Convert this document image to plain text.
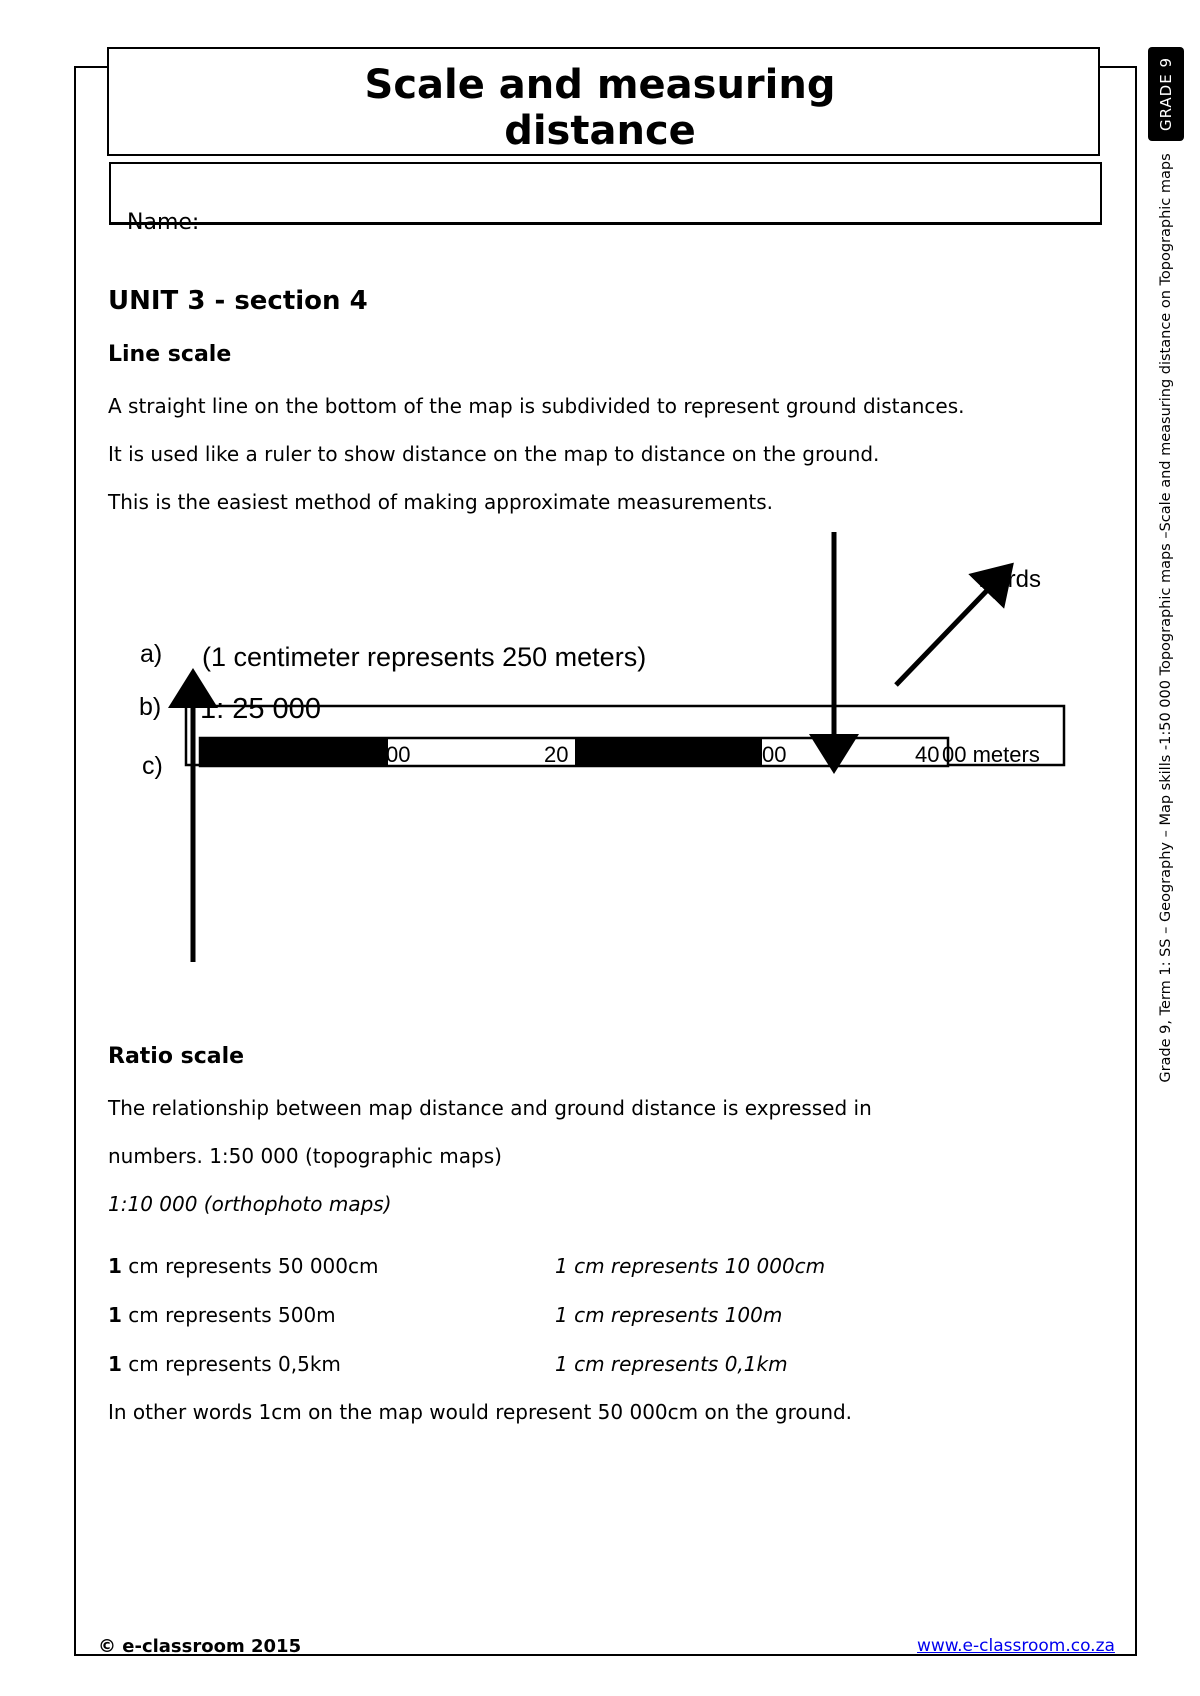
Scale and measuring
distance
Name:
UNIT 3 - section 4
Line scale
A straight line on the bottom of the map is subdivided to represent ground distances.
It is used like a ruler to show distance on the map to distance on the ground.
This is the easiest method of making approximate measurements.
00	20	00	40 00 meters
a)
b)
c)
(1 centimeter represents 250 meters)
1: 25 000
words
Ratio scale
The relationship between map distance and ground distance is expressed in
numbers. 1:50 000 (topographic maps)
1:10 000 (orthophoto maps)
1 cm represents 50 000cm	1 cm represents 10 000cm
1 cm represents 500m	1 cm represents 100m
1 cm represents 0,5km	1 cm represents 0,1km
In other words 1cm on the map would represent 50 000cm on the ground.
© e-classroom 2015	www.e-classroom.co.za
GRADE 9
Grade 9, Term 1: SS – Geography – Map skills -1:50 000 Topographic maps –Scale and measuring distance on Topographic maps
